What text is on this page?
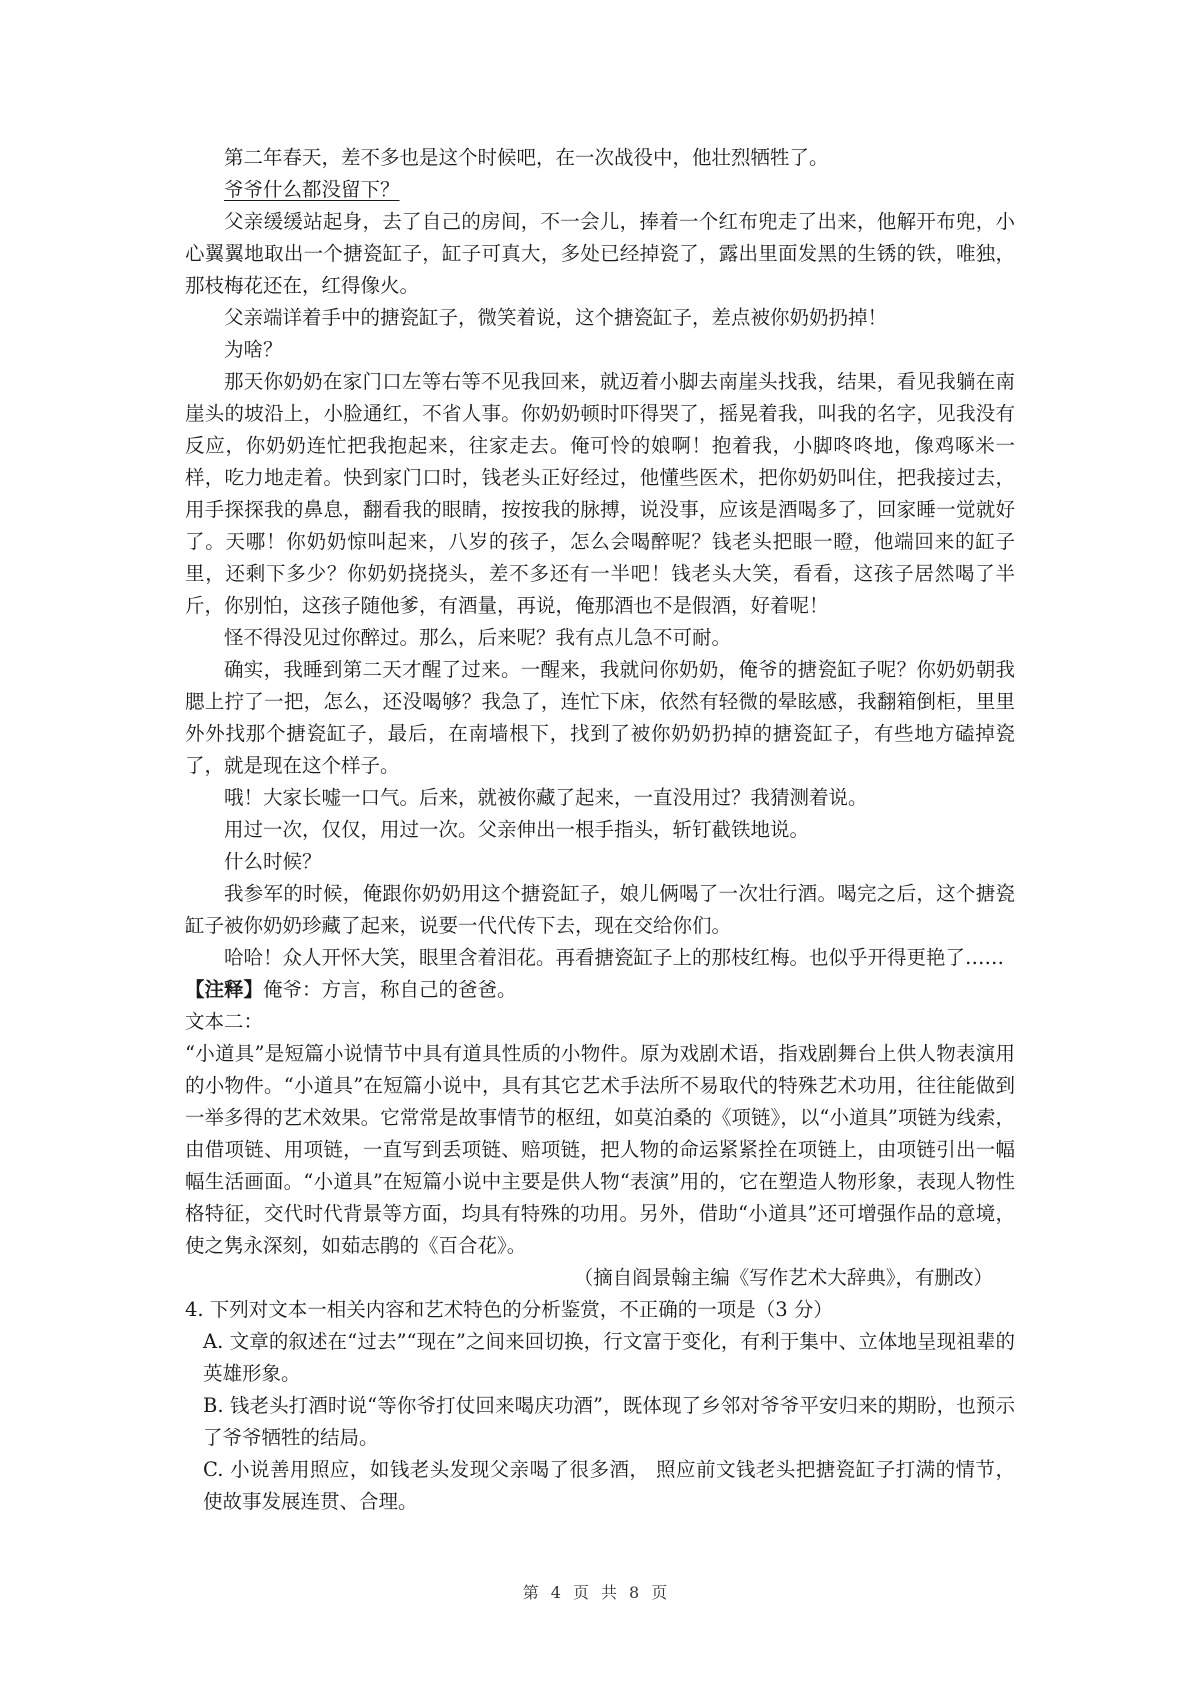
第二年春天，差不多也是这个时候吧，在一次战役中，他壮烈牺牲了。

爷爷什么都没留下？

父亲缓缓站起身，去了自己的房间，不一会儿，捧着一个红布兜走了出来，他解开布兜，小心翼翼地取出一个搪瓷缸子，缸子可真大，多处已经掉瓷了，露出里面发黑的生锈的铁，唯独，那枝梅花还在，红得像火。

父亲端详着手中的搪瓷缸子，微笑着说，这个搪瓷缸子，差点被你奶奶扔掉！

为啥？

那天你奶奶在家门口左等右等不见我回来，就迈着小脚去南崖头找我，结果，看见我躺在南崖头的坡沿上，小脸通红，不省人事。你奶奶顿时吓得哭了，摇晃着我，叫我的名字，见我没有反应，你奶奶连忙把我抱起来，往家走去。俺可怜的娘啊！抱着我，小脚咚咚地，像鸡啄米一样，吃力地走着。快到家门口时，钱老头正好经过，他懂些医术，把你奶奶叫住，把我接过去，用手探探我的鼻息，翻看我的眼睛，按按我的脉搏，说没事，应该是酒喝多了，回家睡一觉就好了。天哪！你奶奶惊叫起来，八岁的孩子，怎么会喝醉呢？钱老头把眼一瞪，他端回来的缸子里，还剩下多少？你奶奶挠挠头，差不多还有一半吧！钱老头大笑，看看，这孩子居然喝了半斤，你别怕，这孩子随他爹，有酒量，再说，俺那酒也不是假酒，好着呢！

怪不得没见过你醉过。那么，后来呢？我有点儿急不可耐。

确实，我睡到第二天才醒了过来。一醒来，我就问你奶奶，俺爷的搪瓷缸子呢？你奶奶朝我腮上拧了一把，怎么，还没喝够？我急了，连忙下床，依然有轻微的晕眩感，我翻箱倒柜，里里外外找那个搪瓷缸子，最后，在南墙根下，找到了被你奶奶扔掉的搪瓷缸子，有些地方磕掉瓷了，就是现在这个样子。

哦！大家长嘘一口气。后来，就被你藏了起来，一直没用过？我猜测着说。

用过一次，仅仅，用过一次。父亲伸出一根手指头，斩钉截铁地说。

什么时候？

我参军的时候，俺跟你奶奶用这个搪瓷缸子，娘儿俩喝了一次壮行酒。喝完之后，这个搪瓷缸子被你奶奶珍藏了起来，说要一代代传下去，现在交给你们。

哈哈！众人开怀大笑，眼里含着泪花。再看搪瓷缸子上的那枝红梅。也似乎开得更艳了……

【注释】俺爷：方言，称自己的爸爸。

文本二：

“小道具”是短篇小说情节中具有道具性质的小物件。原为戏剧术语，指戏剧舞台上供人物表演用的小物件。“小道具”在短篇小说中，具有其它艺术手法所不易取代的特殊艺术功用，往往能做到一举多得的艺术效果。它常常是故事情节的枢纽，如莫泊桑的《项链》，以“小道具”项链为线索，由借项链、用项链，一直写到丢项链、赔项链，把人物的命运紧紧拴在项链上，由项链引出一幅幅生活画面。“小道具”在短篇小说中主要是供人物“表演”用的，它在塑造人物形象，表现人物性格特征，交代时代背景等方面，均具有特殊的功用。另外，借助“小道具”还可增强作品的意境，使之隽永深刻，如茹志鹃的《百合花》。

（摘自阎景翰主编《写作艺术大辞典》，有删改）

4. 下列对文本一相关内容和艺术特色的分析鉴赏，不正确的一项是（3 分）

A. 文章的叙述在“过去”“现在”之间来回切换，行文富于变化，有利于集中、立体地呈现祖辈的英雄形象。

B. 钱老头打酒时说“等你爷打仗回来喝庆功酒”，既体现了乡邻对爷爷平安归来的期盼，也预示了爷爷牺牲的结局。

C. 小说善用照应，如钱老头发现父亲喝了很多酒， 照应前文钱老头把搪瓷缸子打满的情节，使故事发展连贯、合理。

第 4 页 共 8 页
